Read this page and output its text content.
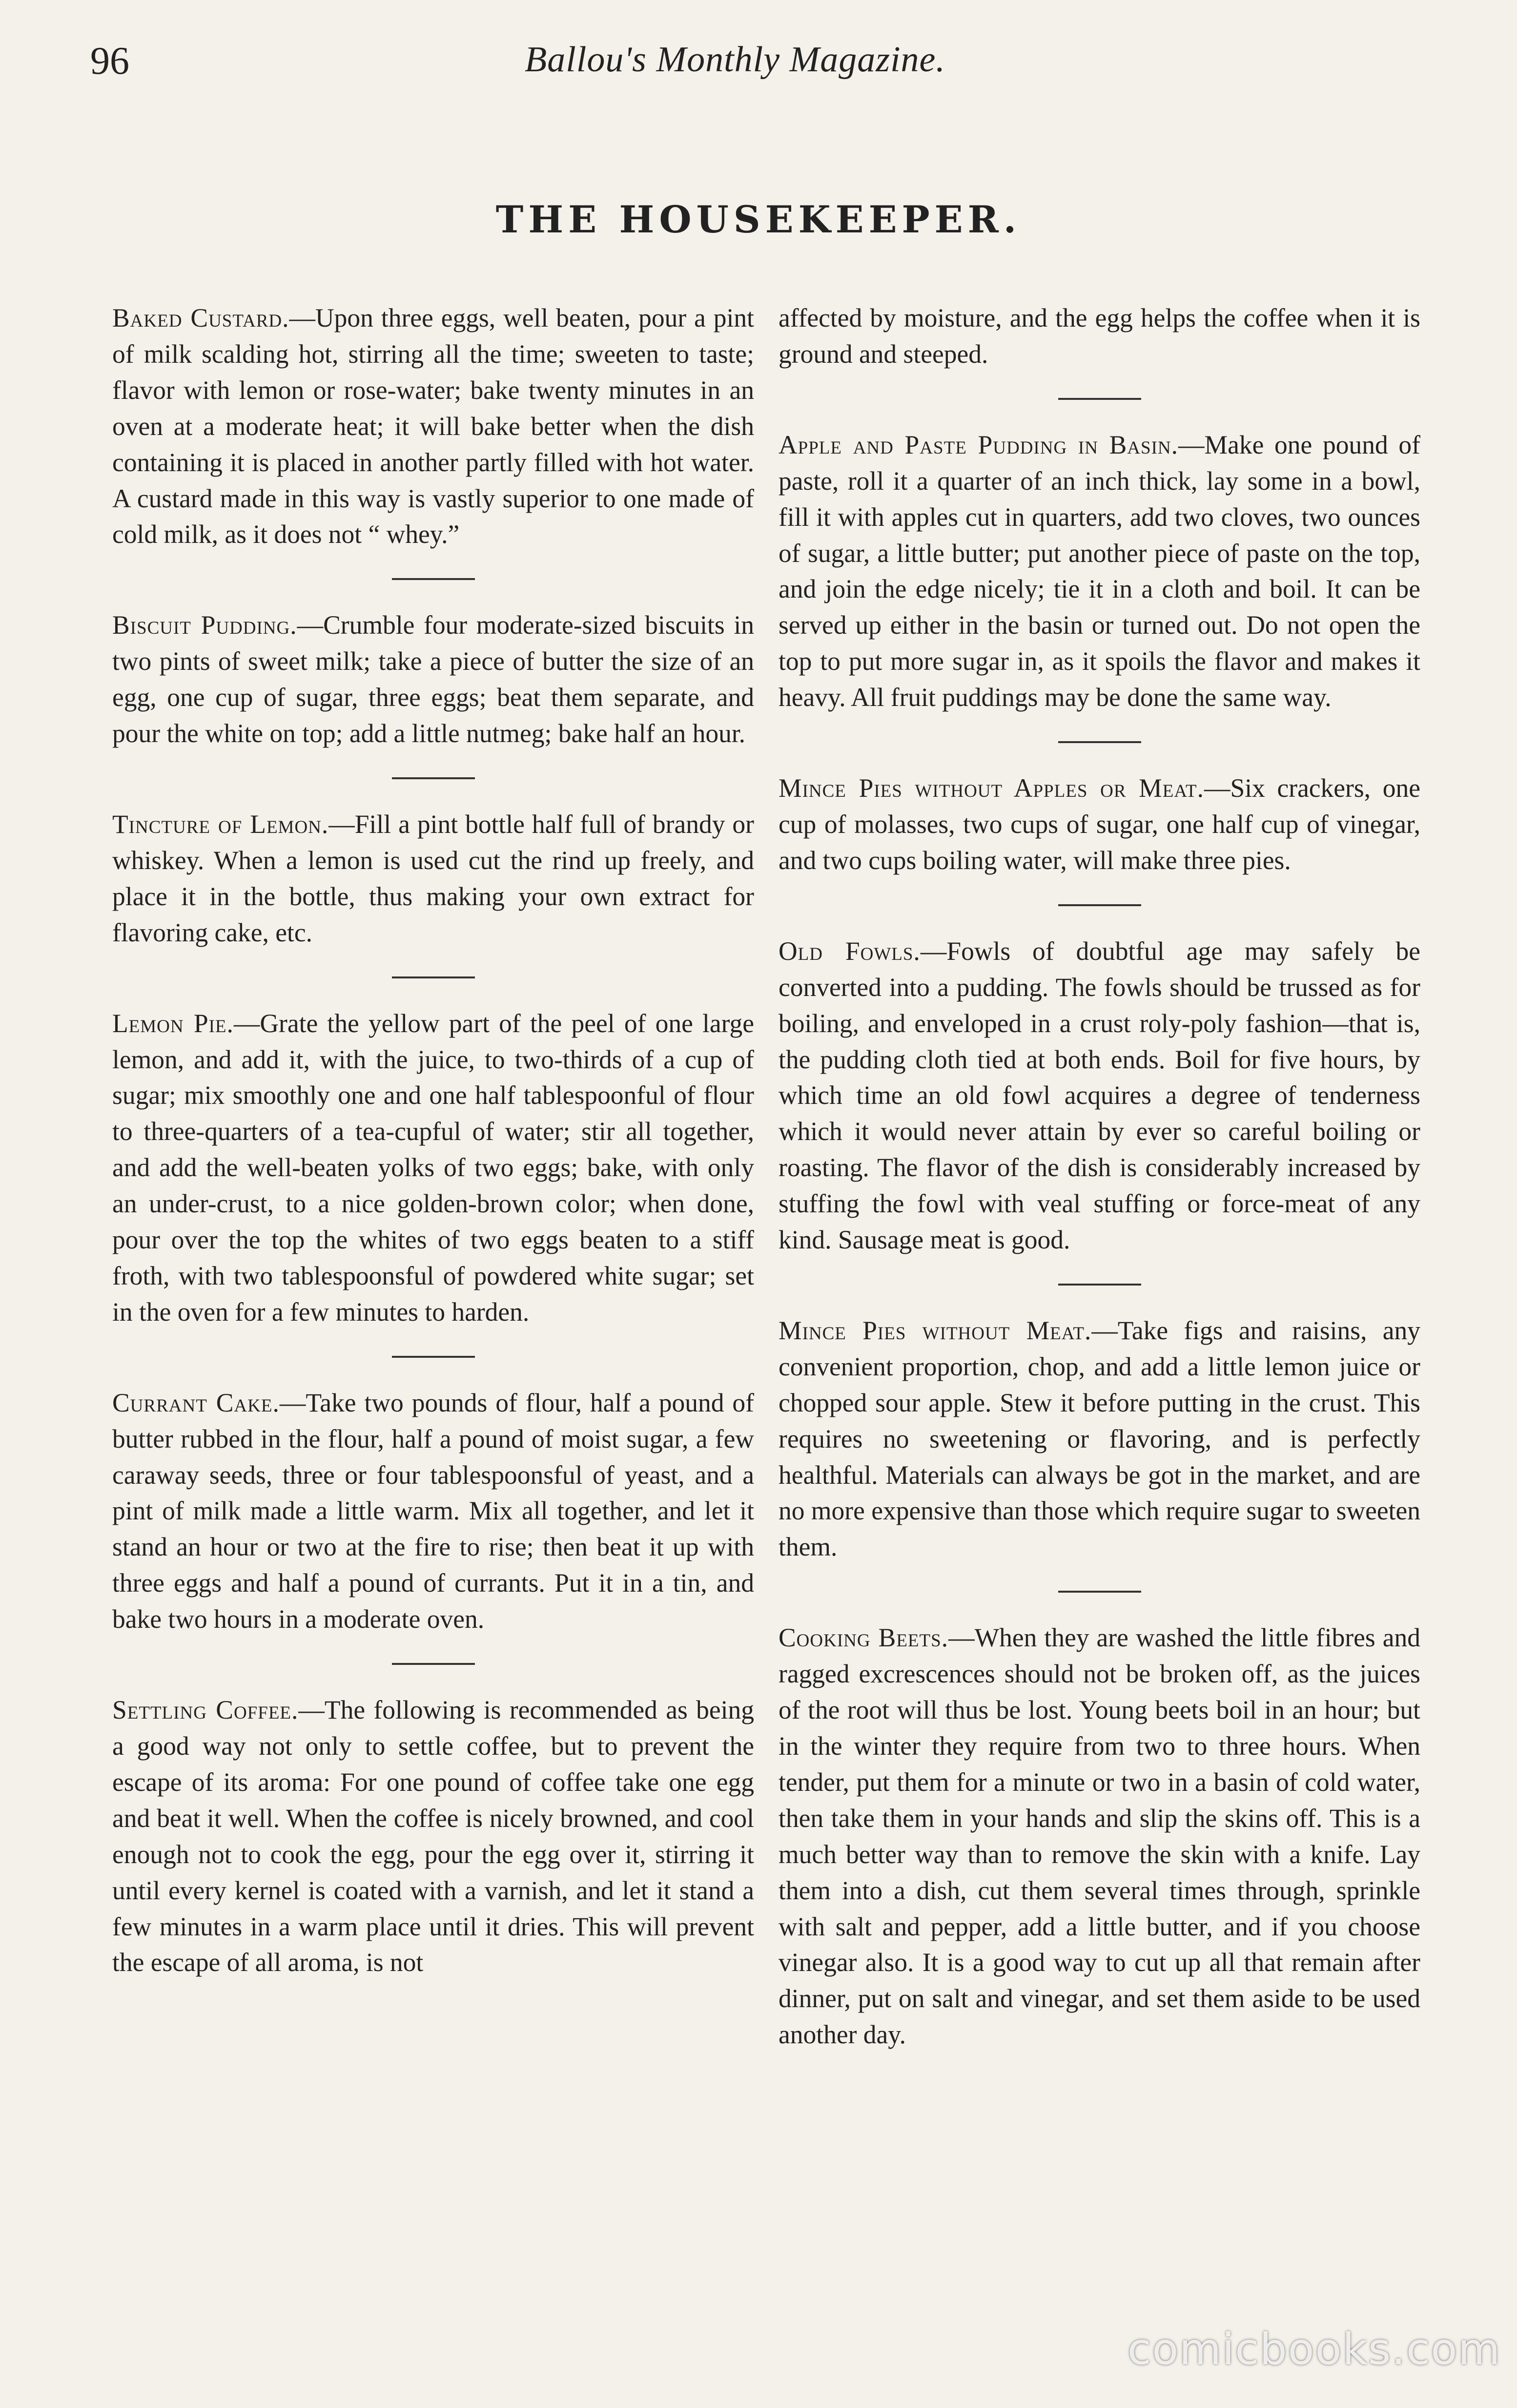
96	Ballou's Monthly Magazine.
THE HOUSEKEEPER.

Baked Custard.—Upon three eggs, well beaten, pour a pint of milk scalding hot, stirring all the time; sweeten to taste; flavor with lemon or rose-water; bake twenty minutes in an oven at a moderate heat; it will bake better when the dish containing it is placed in another partly filled with hot water. A custard made in this way is vastly superior to one made of cold milk, as it does not “ whey.”

Biscuit Pudding.—Crumble four moderate-sized biscuits in two pints of sweet milk; take a piece of butter the size of an egg, one cup of sugar, three eggs; beat them separate, and pour the white on top; add a little nutmeg; bake half an hour.

Tincture of Lemon.—Fill a pint bottle half full of brandy or whiskey. When a lemon is used cut the rind up freely, and place it in the bottle, thus making your own extract for flavoring cake, etc.

Lemon Pie.—Grate the yellow part of the peel of one large lemon, and add it, with the juice, to two-thirds of a cup of sugar; mix smoothly one and one half tablespoonful of flour to three-quarters of a tea-cupful of water; stir all together, and add the well-beaten yolks of two eggs; bake, with only an under-crust, to a nice golden-brown color; when done, pour over the top the whites of two eggs beaten to a stiff froth, with two tablespoonsful of powdered white sugar; set in the oven for a few minutes to harden.

Currant Cake.—Take two pounds of flour, half a pound of butter rubbed in the flour, half a pound of moist sugar, a few caraway seeds, three or four tablespoonsful of yeast, and a pint of milk made a little warm. Mix all together, and let it stand an hour or two at the fire to rise; then beat it up with three eggs and half a pound of currants. Put it in a tin, and bake two hours in a moderate oven.

Settling Coffee.—The following is recommended as being a good way not only to settle coffee, but to prevent the escape of its aroma: For one pound of coffee take one egg and beat it well. When the coffee is nicely browned, and cool enough not to cook the egg, pour the egg over it, stirring it until every kernel is coated with a varnish, and let it stand a few minutes in a warm place until it dries. This will prevent the escape of all aroma, is not

affected by moisture, and the egg helps the coffee when it is ground and steeped.

Apple and Paste Pudding in Basin.—Make one pound of paste, roll it a quarter of an inch thick, lay some in a bowl, fill it with apples cut in quarters, add two cloves, two ounces of sugar, a little butter; put another piece of paste on the top, and join the edge nicely; tie it in a cloth and boil. It can be served up either in the basin or turned out. Do not open the top to put more sugar in, as it spoils the flavor and makes it heavy. All fruit puddings may be done the same way.

Mince Pies without Apples or Meat.—Six crackers, one cup of molasses, two cups of sugar, one half cup of vinegar, and two cups boiling water, will make three pies.

Old Fowls.—Fowls of doubtful age may safely be converted into a pudding. The fowls should be trussed as for boiling, and enveloped in a crust roly-poly fashion—that is, the pudding cloth tied at both ends. Boil for five hours, by which time an old fowl acquires a degree of tenderness which it would never attain by ever so careful boiling or roasting. The flavor of the dish is considerably increased by stuffing the fowl with veal stuffing or force-meat of any kind. Sausage meat is good.

Mince Pies without Meat.—Take figs and raisins, any convenient proportion, chop, and add a little lemon juice or chopped sour apple. Stew it before putting in the crust. This requires no sweetening or flavoring, and is perfectly healthful. Materials can always be got in the market, and are no more expensive than those which require sugar to sweeten them.

Cooking Beets.—When they are washed the little fibres and ragged excrescences should not be broken off, as the juices of the root will thus be lost. Young beets boil in an hour; but in the winter they require from two to three hours. When tender, put them for a minute or two in a basin of cold water, then take them in your hands and slip the skins off. This is a much better way than to remove the skin with a knife. Lay them into a dish, cut them several times through, sprinkle with salt and pepper, add a little butter, and if you choose vinegar also. It is a good way to cut up all that remain after dinner, put on salt and vinegar, and set them aside to be used another day.

comicbooks.com
